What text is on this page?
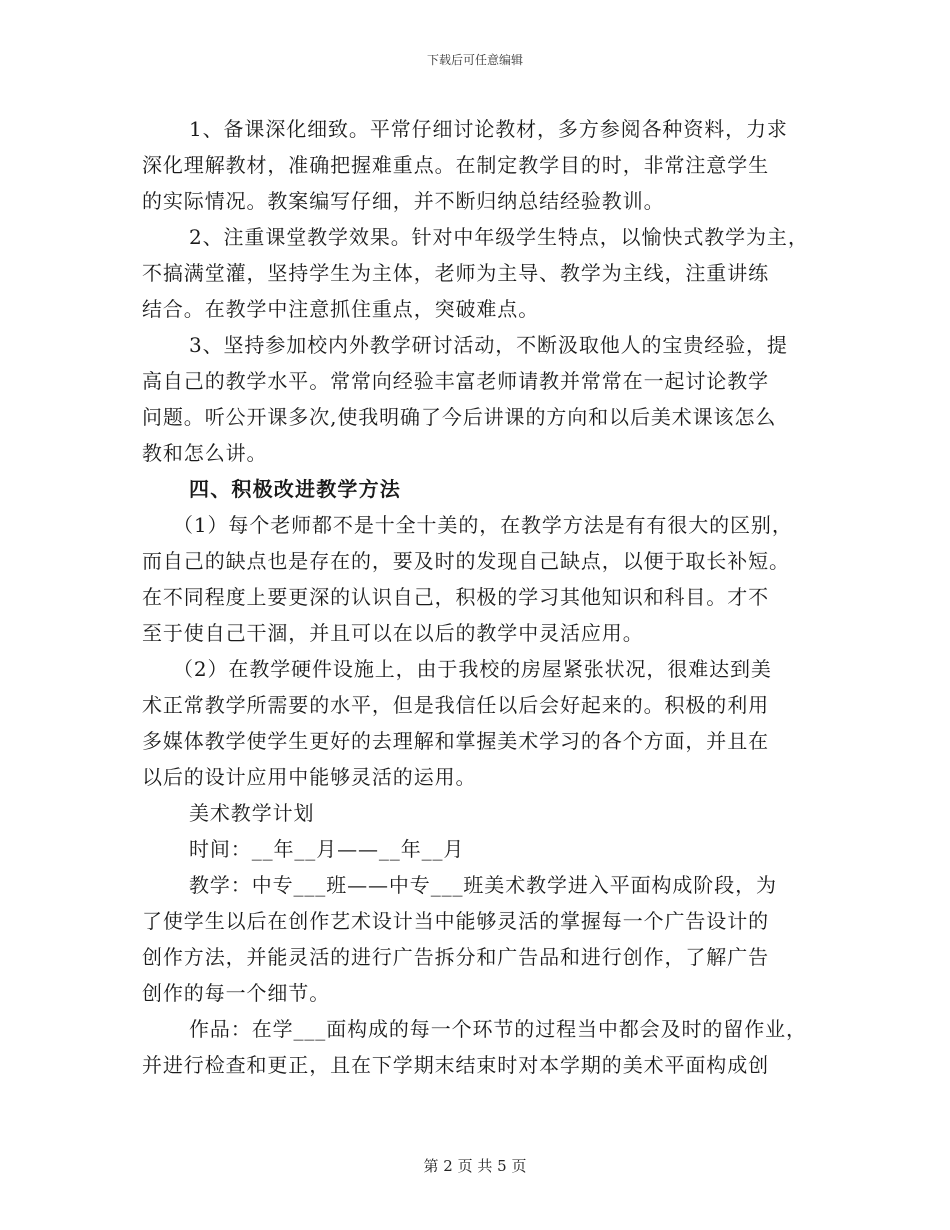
下载后可任意编辑
1、备课深化细致。平常仔细讨论教材，多方参阅各种资料，力求
深化理解教材，准确把握难重点。在制定教学目的时，非常注意学生
的实际情况。教案编写仔细，并不断归纳总结经验教训。
2、注重课堂教学效果。针对中年级学生特点，以愉快式教学为主，
不搞满堂灌，坚持学生为主体，老师为主导、教学为主线，注重讲练
结合。在教学中注意抓住重点，突破难点。
3、坚持参加校内外教学研讨活动，不断汲取他人的宝贵经验，提
高自己的教学水平。常常向经验丰富老师请教并常常在一起讨论教学
问题。听公开课多次,使我明确了今后讲课的方向和以后美术课该怎么
教和怎么讲。
四、积极改进教学方法
（1）每个老师都不是十全十美的，在教学方法是有有很大的区别，
而自己的缺点也是存在的，要及时的发现自己缺点，以便于取长补短。
在不同程度上要更深的认识自己，积极的学习其他知识和科目。才不
至于使自己干涸，并且可以在以后的教学中灵活应用。
（2）在教学硬件设施上，由于我校的房屋紧张状况，很难达到美
术正常教学所需要的水平，但是我信任以后会好起来的。积极的利用
多媒体教学使学生更好的去理解和掌握美术学习的各个方面，并且在
以后的设计应用中能够灵活的运用。
美术教学计划
时间：__年__月——__年__月
教学：中专___班——中专___班美术教学进入平面构成阶段，为
了使学生以后在创作艺术设计当中能够灵活的掌握每一个广告设计的
创作方法，并能灵活的进行广告拆分和广告品和进行创作，了解广告
创作的每一个细节。
作品：在学___面构成的每一个环节的过程当中都会及时的留作业，
并进行检查和更正，且在下学期末结束时对本学期的美术平面构成创
第 2 页 共 5 页
